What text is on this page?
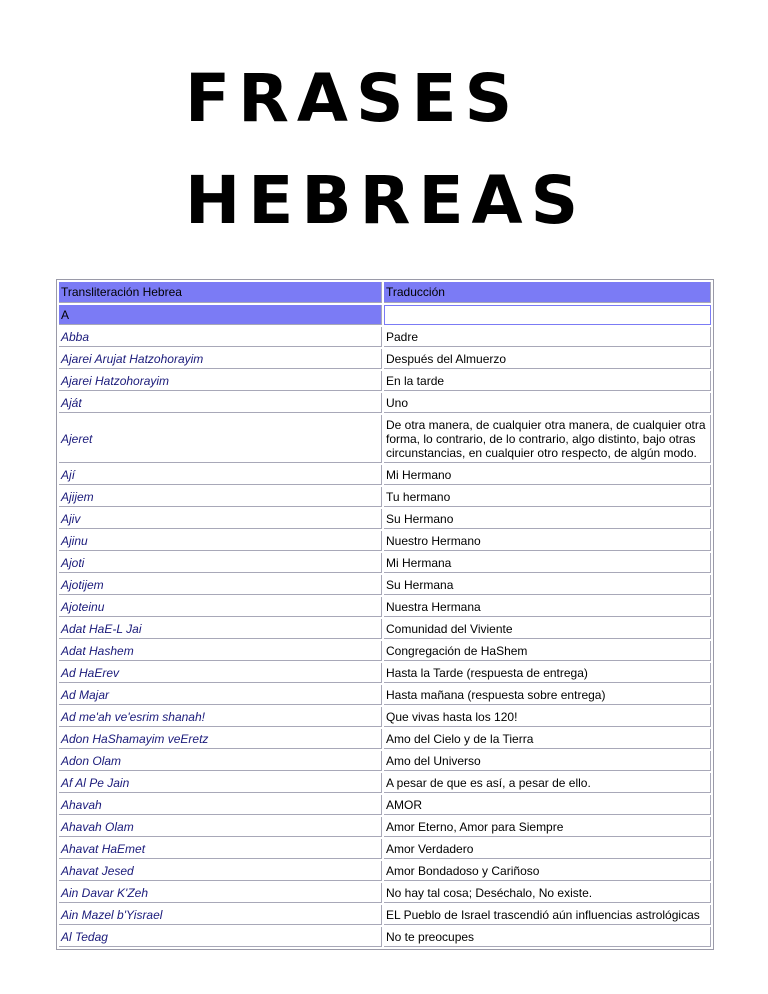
FRASES
HEBREAS
Transliteración Hebrea	Traducción
A	
Abba	Padre
Ajarei Arujat Hatzohorayim	Después del Almuerzo
Ajarei Hatzohorayim	En la tarde
Aját	Uno
Ajeret	De otra manera, de cualquier otra manera, de cualquier otra forma, lo contrario, de lo contrario, algo distinto, bajo otras circunstancias, en cualquier otro respecto, de algún modo.
Ají	Mi Hermano
Ajijem	Tu hermano
Ajiv	Su Hermano
Ajinu	Nuestro Hermano
Ajoti	Mi Hermana
Ajotijem	Su Hermana
Ajoteinu	Nuestra Hermana
Adat HaE-L Jai	Comunidad del Viviente
Adat Hashem	Congregación de HaShem
Ad HaErev	Hasta la Tarde (respuesta de entrega)
Ad Majar	Hasta mañana (respuesta sobre entrega)
Ad me'ah ve'esrim shanah!	Que vivas hasta los 120!
Adon HaShamayim veEretz	Amo del Cielo y de la Tierra
Adon Olam	Amo del Universo
Af Al Pe Jain	A pesar de que es así, a pesar de ello.
Ahavah	AMOR
Ahavah Olam	Amor Eterno, Amor para Siempre
Ahavat HaEmet	Amor Verdadero
Ahavat Jesed	Amor Bondadoso y Cariñoso
Ain Davar K'Zeh	No hay tal cosa; Deséchalo, No existe.
Ain Mazel b'Yisrael	EL Pueblo de Israel trascendió aún influencias astrológicas
Al Tedag	No te preocupes
